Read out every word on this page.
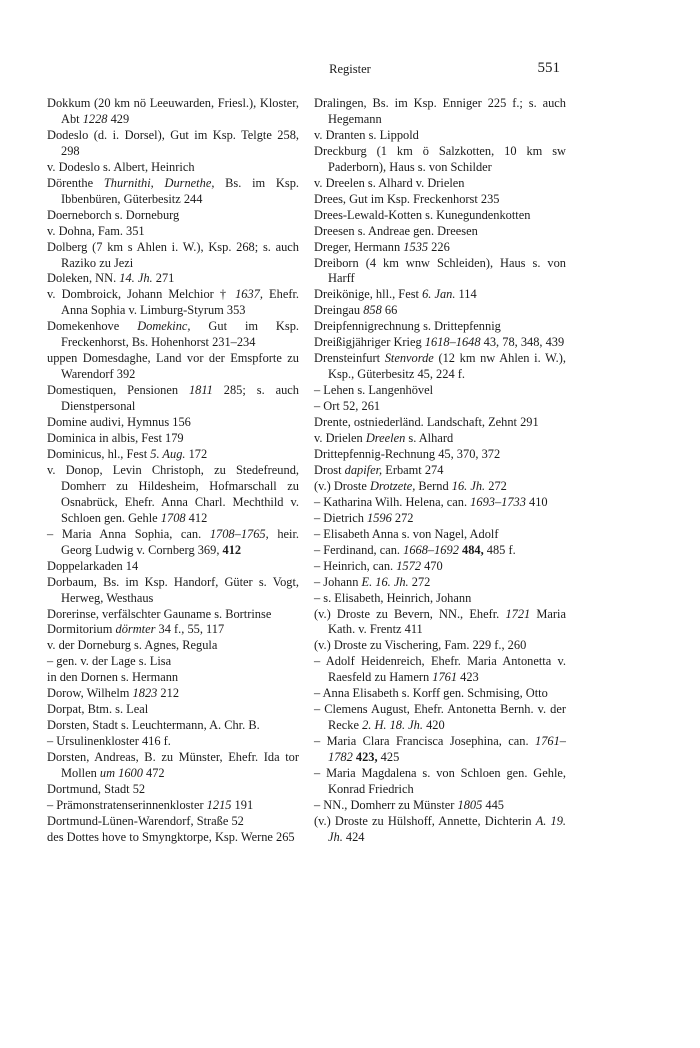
Register	551
Dokkum (20 km nö Leeuwarden, Friesl.), Kloster, Abt 1228 429
Dodeslo (d. i. Dorsel), Gut im Ksp. Telgte 258, 298
v. Dodeslo s. Albert, Heinrich
Dörenthe Thurnithi, Durnethe, Bs. im Ksp. Ibbenbüren, Güterbesitz 244
Doerneborch s. Dorneburg
v. Dohna, Fam. 351
Dolberg (7 km s Ahlen i. W.), Ksp. 268; s. auch Raziko zu Jezi
Doleken, NN. 14. Jh. 271
v. Dombroick, Johann Melchior † 1637, Ehefr. Anna Sophia v. Limburg-Styrum 353
Domekenhove Domekinc, Gut im Ksp. Freckenhorst, Bs. Hohenhorst 231–234
uppen Domesdaghe, Land vor der Emspforte zu Warendorf 392
Domestiquen, Pensionen 1811 285; s. auch Dienstpersonal
Domine audivi, Hymnus 156
Dominica in albis, Fest 179
Dominicus, hl., Fest 5. Aug. 172
v. Donop, Levin Christoph, zu Stedefreund, Domherr zu Hildesheim, Hofmarschall zu Osnabrück, Ehefr. Anna Charl. Mechthild v. Schloen gen. Gehle 1708 412
– Maria Anna Sophia, can. 1708–1765, heir. Georg Ludwig v. Cornberg 369, 412
Doppelarkaden 14
Dorbaum, Bs. im Ksp. Handorf, Güter s. Vogt, Herweg, Westhaus
Dorerinse, verfälschter Gauname s. Bortrinse
Dormitorium dörmter 34 f., 55, 117
v. der Dorneburg s. Agnes, Regula
– gen. v. der Lage s. Lisa
in den Dornen s. Hermann
Dorow, Wilhelm 1823 212
Dorpat, Btm. s. Leal
Dorsten, Stadt s. Leuchtermann, A. Chr. B.
– Ursulinenkloster 416 f.
Dorsten, Andreas, B. zu Münster, Ehefr. Ida tor Mollen um 1600 472
Dortmund, Stadt 52
– Prämonstratenserinnenkloster 1215 191
Dortmund-Lünen-Warendorf, Straße 52
des Dottes hove to Smyngktorpe, Ksp. Werne 265
Dralingen, Bs. im Ksp. Enniger 225 f.; s. auch Hegemann
v. Dranten s. Lippold
Dreckburg (1 km ö Salzkotten, 10 km sw Paderborn), Haus s. von Schilder
v. Dreelen s. Alhard v. Drielen
Drees, Gut im Ksp. Freckenhorst 235
Drees-Lewald-Kotten s. Kunegundenkotten
Dreesen s. Andreae gen. Dreesen
Dreger, Hermann 1535 226
Dreiborn (4 km wnw Schleiden), Haus s. von Harff
Dreikönige, hll., Fest 6. Jan. 114
Dreingau 858 66
Dreipfennigrechnung s. Drittepfennig
Dreißigjähriger Krieg 1618–1648 43, 78, 348, 439
Drensteinfurt Stenvorde (12 km nw Ahlen i. W.), Ksp., Güterbesitz 45, 224 f.
– Lehen s. Langenhövel
– Ort 52, 261
Drente, ostniederländ. Landschaft, Zehnt 291
v. Drielen Dreelen s. Alhard
Drittepfennig-Rechnung 45, 370, 372
Drost dapifer, Erbamt 274
(v.) Droste Drotzete, Bernd 16. Jh. 272
– Katharina Wilh. Helena, can. 1693–1733 410
– Dietrich 1596 272
– Elisabeth Anna s. von Nagel, Adolf
– Ferdinand, can. 1668–1692 484, 485 f.
– Heinrich, can. 1572 470
– Johann E. 16. Jh. 272
– s. Elisabeth, Heinrich, Johann
(v.) Droste zu Bevern, NN., Ehefr. 1721 Maria Kath. v. Frentz 411
(v.) Droste zu Vischering, Fam. 229 f., 260
– Adolf Heidenreich, Ehefr. Maria Antonetta v. Raesfeld zu Hamern 1761 423
– Anna Elisabeth s. Korff gen. Schmising, Otto
– Clemens August, Ehefr. Antonetta Bernh. v. der Recke 2. H. 18. Jh. 420
– Maria Clara Francisca Josephina, can. 1761–1782 423, 425
– Maria Magdalena s. von Schloen gen. Gehle, Konrad Friedrich
– NN., Domherr zu Münster 1805 445
(v.) Droste zu Hülshoff, Annette, Dichterin A. 19. Jh. 424
